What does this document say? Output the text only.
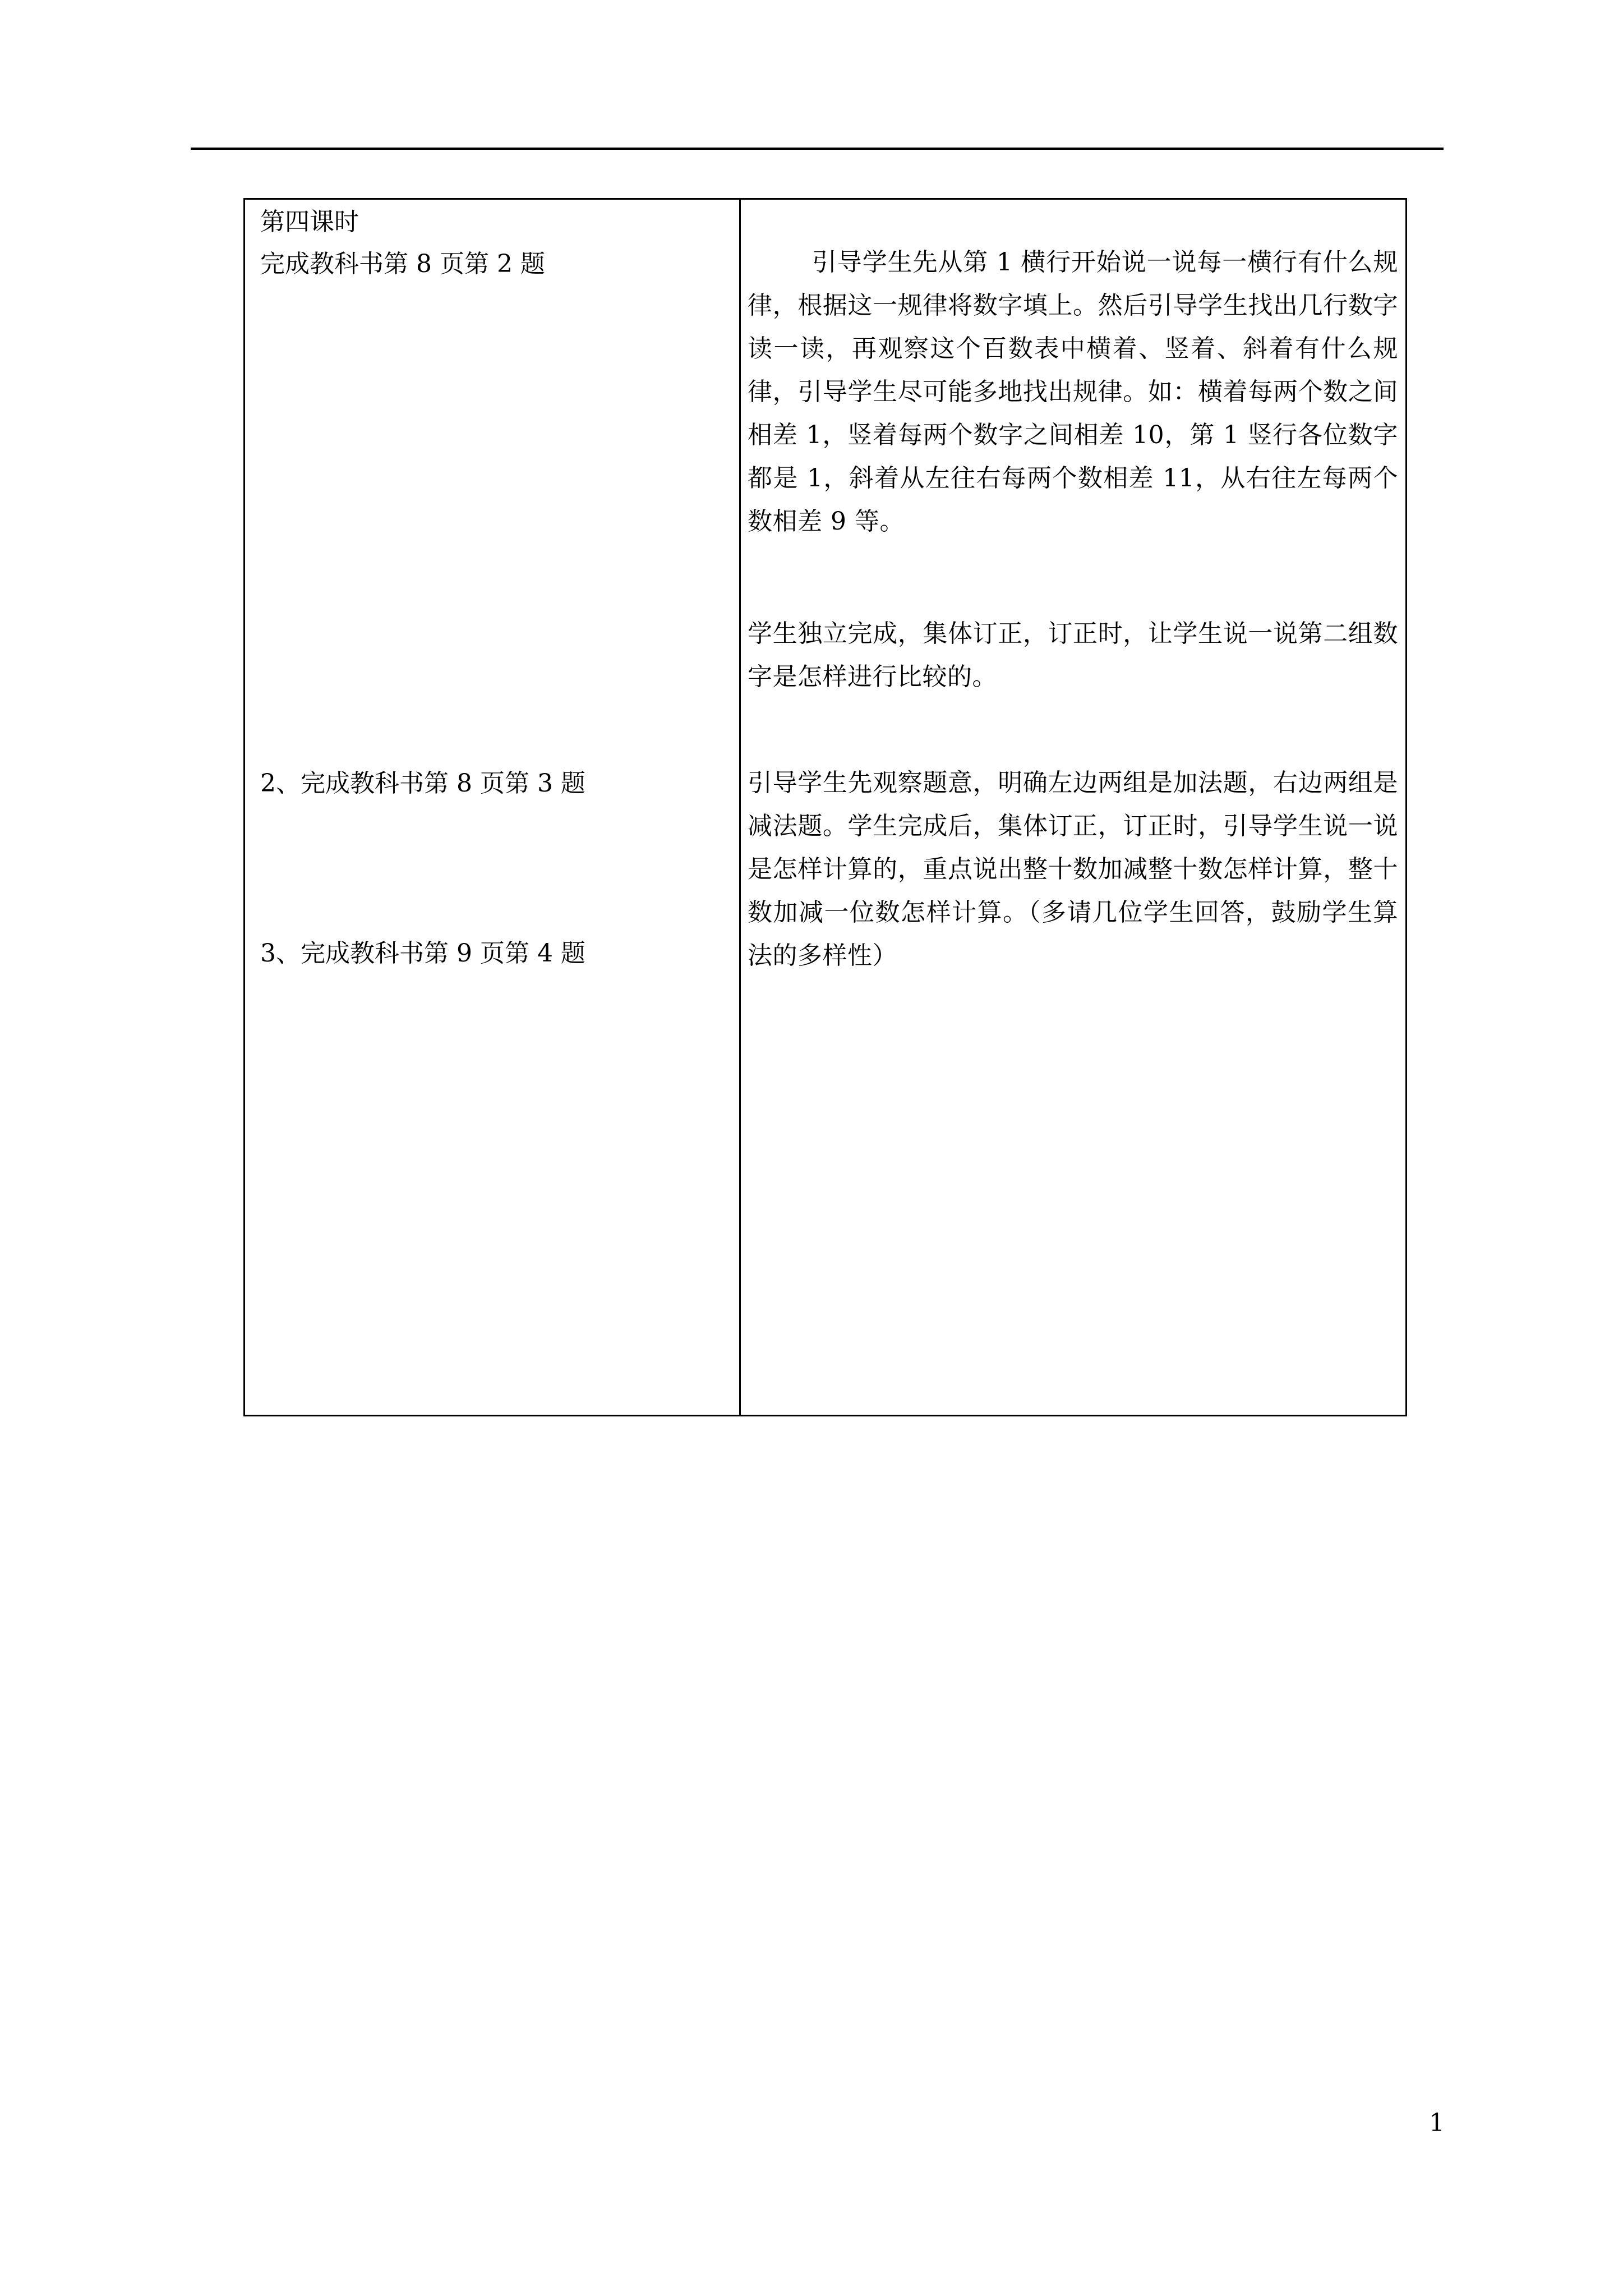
第四课时

完成教科书第 8 页第 2 题

2、完成教科书第 8 页第 3 题

3、完成教科书第 9 页第 4 题

引导学生先从第 1 横行开始说一说每一横行有什么规律，根据这一规律将数字填上。然后引导学生找出几行数字读一读，再观察这个百数表中横着、竖着、斜着有什么规律，引导学生尽可能多地找出规律。如：横着每两个数之间相差 1，竖着每两个数字之间相差 10，第 1 竖行各位数字都是 1，斜着从左往右每两个数相差 11，从右往左每两个数相差 9 等。

学生独立完成，集体订正，订正时，让学生说一说第二组数字是怎样进行比较的。

引导学生先观察题意，明确左边两组是加法题，右边两组是减法题。学生完成后，集体订正，订正时，引导学生说一说是怎样计算的，重点说出整十数加减整十数怎样计算，整十数加减一位数怎样计算。（多请几位学生回答，鼓励学生算法的多样性）

1
